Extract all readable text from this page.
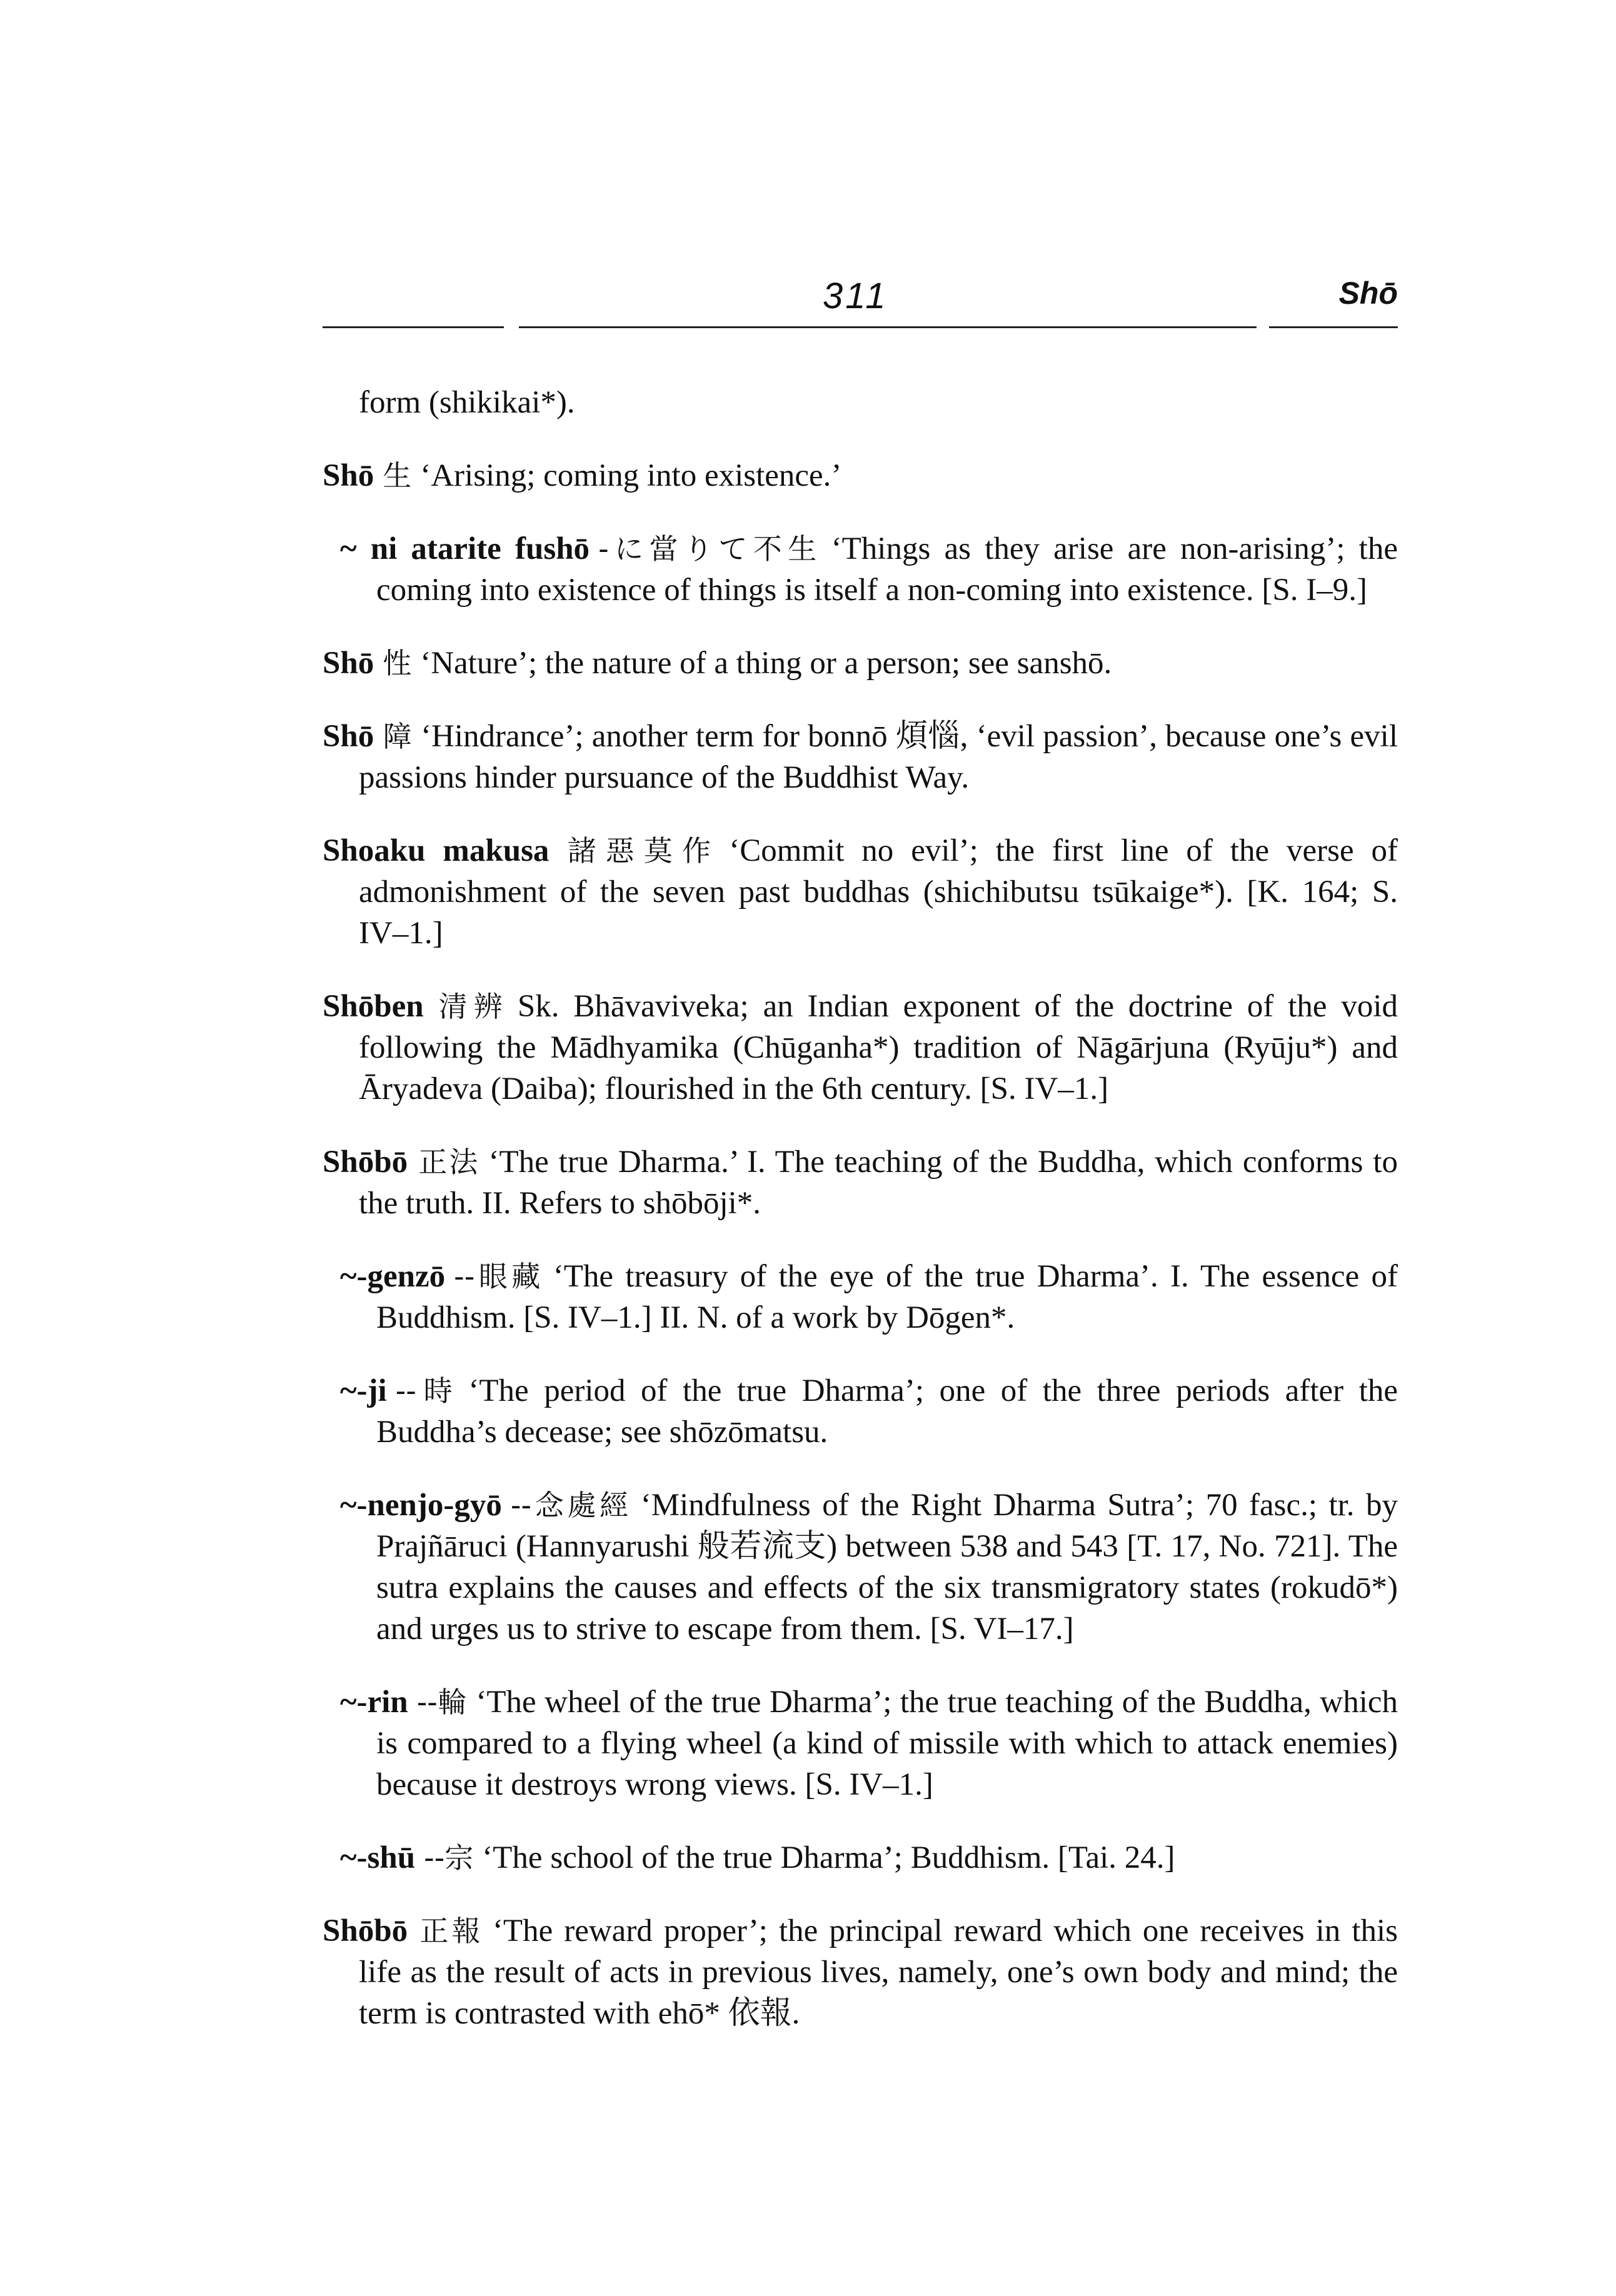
311	Shō

form (shikikai*).

Shō 生 ‘Arising; coming into existence.’

~ ni atarite fushō -に當りて不生 ‘Things as they arise are non-arising’; the coming into existence of things is itself a non-coming into existence. [S. I–9.]

Shō 性 ‘Nature’; the nature of a thing or a person; see sanshō.

Shō 障 ‘Hindrance’; another term for bonnō 煩惱, ‘evil passion’, because one’s evil passions hinder pursuance of the Buddhist Way.

Shoaku makusa 諸惡莫作 ‘Commit no evil’; the first line of the verse of admonishment of the seven past buddhas (shichibutsu tsūkaige*). [K. 164; S. IV–1.]

Shōben 清辨 Sk. Bhāvaviveka; an Indian exponent of the doctrine of the void following the Mādhyamika (Chūganha*) tradition of Nāgārjuna (Ryūju*) and Āryadeva (Daiba); flourished in the 6th century. [S. IV–1.]

Shōbō 正法 ‘The true Dharma.’ I. The teaching of the Buddha, which conforms to the truth. II. Refers to shōbōji*.

~-genzō --眼藏 ‘The treasury of the eye of the true Dharma’. I. The essence of Buddhism. [S. IV–1.] II. N. of a work by Dōgen*.

~-ji --時 ‘The period of the true Dharma’; one of the three periods after the Buddha’s decease; see shōzōmatsu.

~-nenjo-gyō --念處經 ‘Mindfulness of the Right Dharma Sutra’; 70 fasc.; tr. by Prajñāruci (Hannyarushi 般若流支) between 538 and 543 [T. 17, No. 721]. The sutra explains the causes and effects of the six transmigratory states (rokudō*) and urges us to strive to escape from them. [S. VI–17.]

~-rin --輪 ‘The wheel of the true Dharma’; the true teaching of the Buddha, which is compared to a flying wheel (a kind of missile with which to attack enemies) because it destroys wrong views. [S. IV–1.]

~-shū --宗 ‘The school of the true Dharma’; Buddhism. [Tai. 24.]

Shōbō 正報 ‘The reward proper’; the principal reward which one receives in this life as the result of acts in previous lives, namely, one’s own body and mind; the term is contrasted with ehō* 依報.
